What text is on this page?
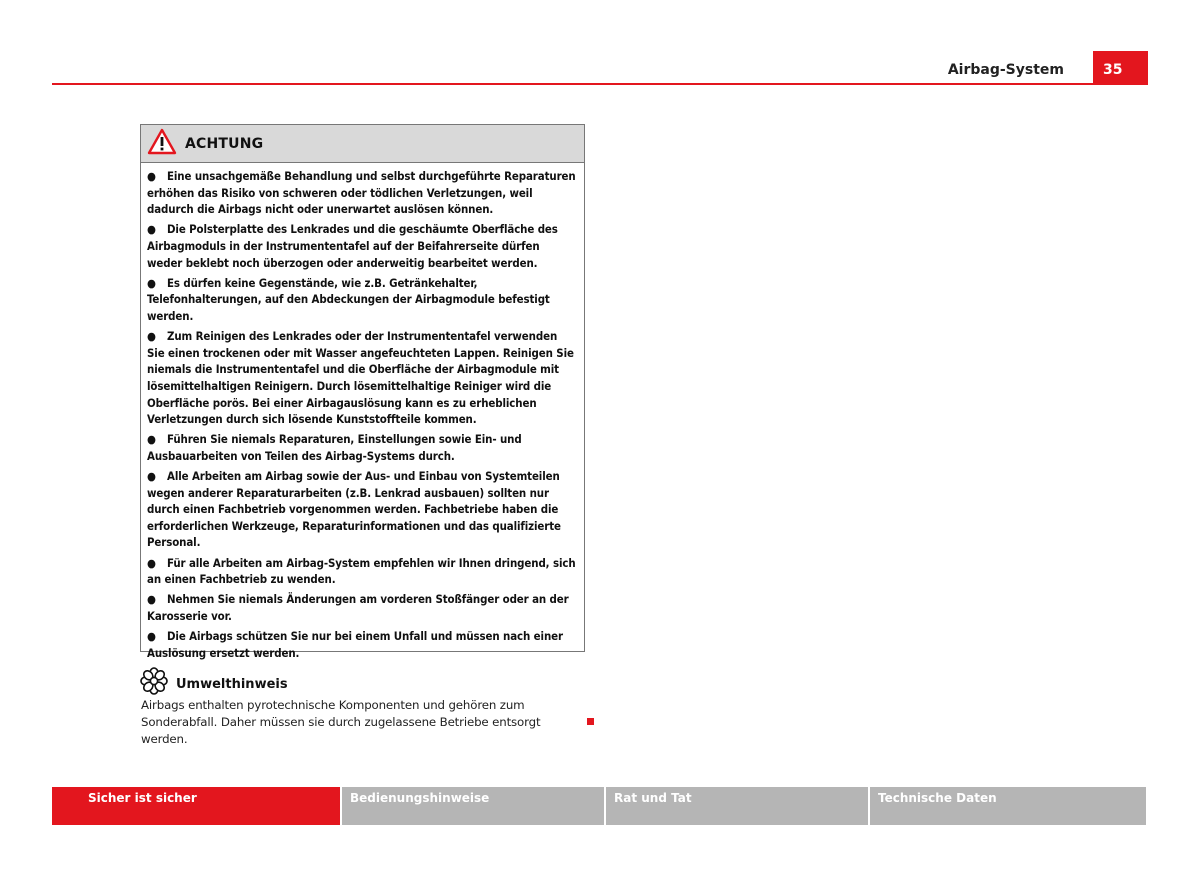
Airbag-System	35
ACHTUNG
● Eine unsachgemäße Behandlung und selbst durchgeführte Reparaturen erhöhen das Risiko von schweren oder tödlichen Verletzungen, weil dadurch die Airbags nicht oder unerwartet auslösen können.
● Die Polsterplatte des Lenkrades und die geschäumte Oberfläche des Airbagmoduls in der Instrumententafel auf der Beifahrerseite dürfen weder beklebt noch überzogen oder anderweitig bearbeitet werden.
● Es dürfen keine Gegenstände, wie z.B. Getränkehalter, Telefonhalterungen, auf den Abdeckungen der Airbagmodule befestigt werden.
● Zum Reinigen des Lenkrades oder der Instrumententafel verwenden Sie einen trockenen oder mit Wasser angefeuchteten Lappen. Reinigen Sie niemals die Instrumententafel und die Oberfläche der Airbagmodule mit lösemittelhaltigen Reinigern. Durch lösemittelhaltige Reiniger wird die Oberfläche porös. Bei einer Airbagauslösung kann es zu erheblichen Verletzungen durch sich lösende Kunststoffteile kommen.
● Führen Sie niemals Reparaturen, Einstellungen sowie Ein- und Ausbauarbeiten von Teilen des Airbag-Systems durch.
● Alle Arbeiten am Airbag sowie der Aus- und Einbau von Systemteilen wegen anderer Reparaturarbeiten (z.B. Lenkrad ausbauen) sollten nur durch einen Fachbetrieb vorgenommen werden. Fachbetriebe haben die erforderlichen Werkzeuge, Reparaturinformationen und das qualifizierte Personal.
● Für alle Arbeiten am Airbag-System empfehlen wir Ihnen dringend, sich an einen Fachbetrieb zu wenden.
● Nehmen Sie niemals Änderungen am vorderen Stoßfänger oder an der Karosserie vor.
● Die Airbags schützen Sie nur bei einem Unfall und müssen nach einer Auslösung ersetzt werden.
Umwelthinweis
Airbags enthalten pyrotechnische Komponenten und gehören zum Sonderabfall. Daher müssen sie durch zugelassene Betriebe entsorgt werden.
Sicher ist sicher	Bedienungshinweise	Rat und Tat	Technische Daten
